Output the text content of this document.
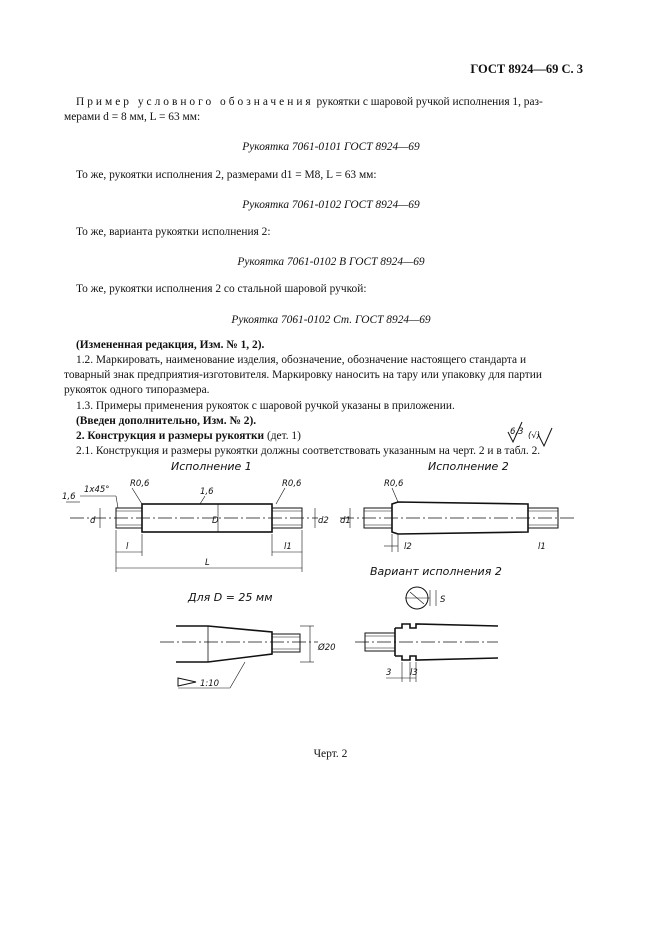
ГОСТ 8924—69 С. 3

Пример условного обозначения рукоятки с шаровой ручкой исполнения 1, раз-

мерами d = 8 мм, L = 63 мм:

Рукоятка 7061-0101 ГОСТ 8924—69

То же, рукоятки исполнения 2, размерами d1 = M8, L = 63 мм:

Рукоятка 7061-0102 ГОСТ 8924—69

То же, варианта рукоятки исполнения 2:

Рукоятка 7061-0102 В ГОСТ 8924—69

То же, рукоятки исполнения 2 со стальной шаровой ручкой:

Рукоятка 7061-0102 Ст. ГОСТ 8924—69

(Измененная редакция, Изм. № 1, 2).

1.2. Маркировать, наименование изделия, обозначение, обозначение настоящего стандарта и

товарный знак предприятия-изготовителя. Маркировку наносить на тару или упаковку для партии

рукояток одного типоразмера.

1.3. Примеры применения рукояток с шаровой ручкой указаны в приложении.

(Введен дополнительно, Изм. № 2).

2. Конструкция и размеры рукоятки (дет. 1)

2.1. Конструкция и размеры рукоятки должны соответствовать указанным на черт. 2 и в табл. 2.

Исполнение 1	Исполнение 2
Вариант исполнения 2
Для D = 25 мм
6,3
1x45°
R0,6	R0,6	R0,6
1,6	1,6
d	D	d2 d1
l
L
l1	l1
l2
l3
3
S
Ø20
1:10
(√)
Черт. 2
